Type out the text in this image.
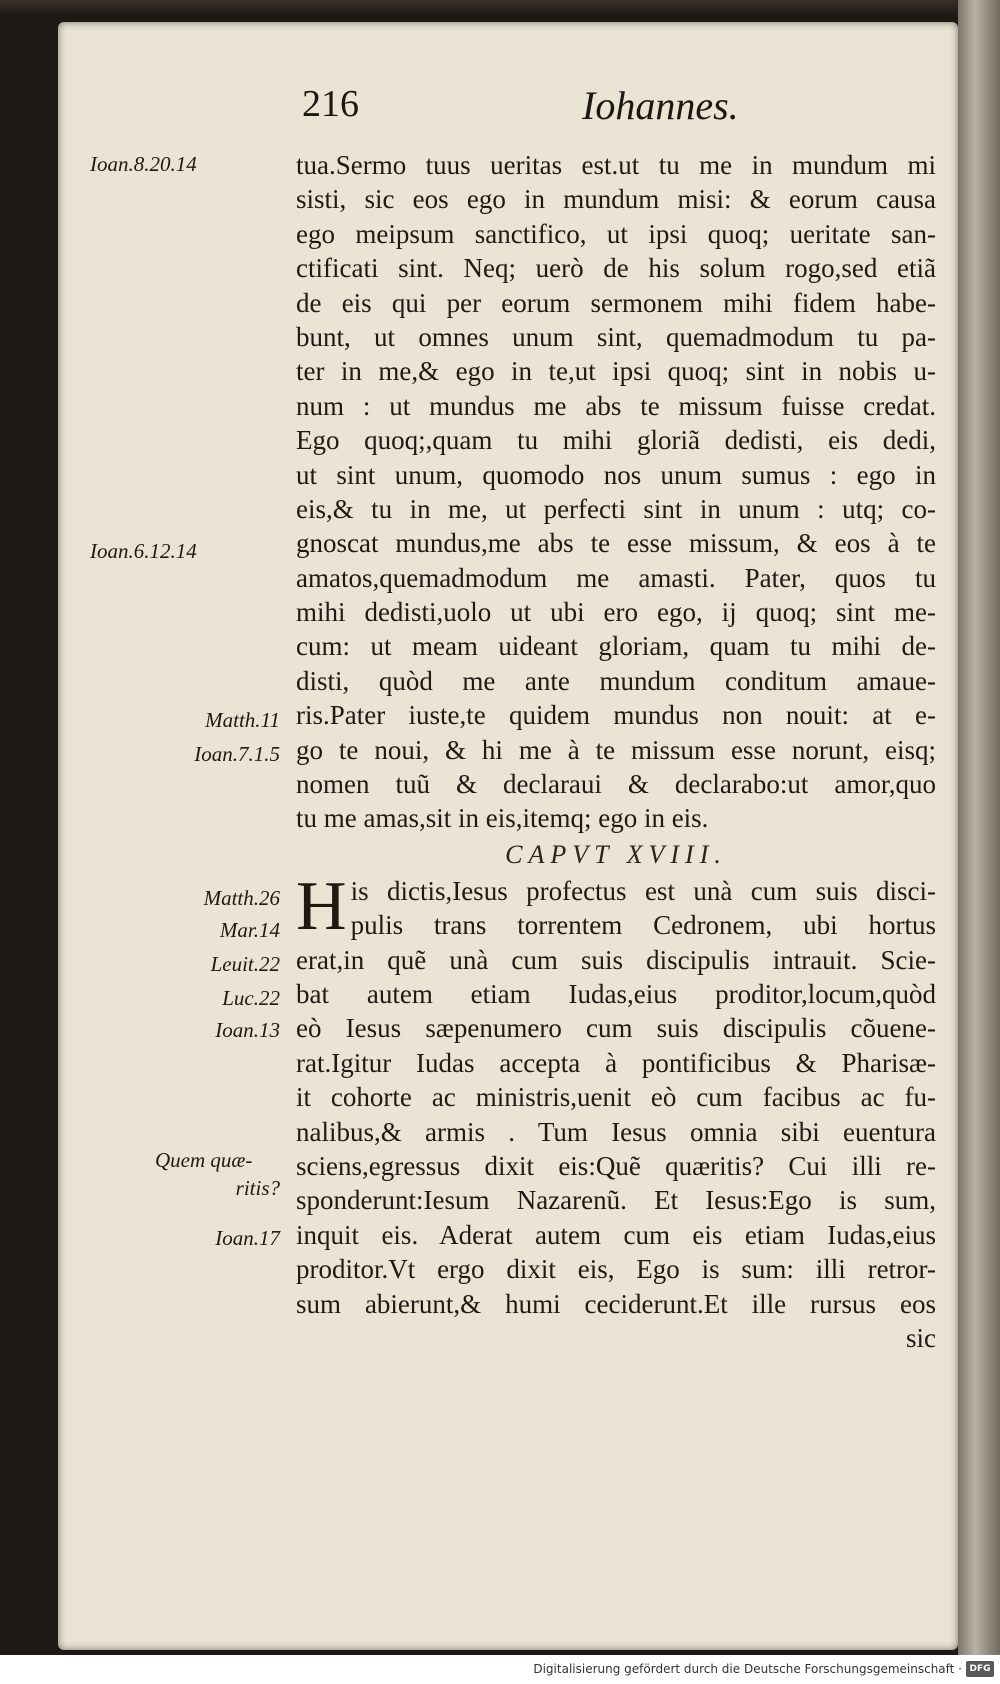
216	Iohannes.
Ioan.8.20.14
Ioan.6.12.14
Matth.11
Ioan.7.1.5
Matth.26
Mar.14
Leuit.22
Luc.22
Ioan.13
Quem quæ-
ritis?
Ioan.17
tua.Sermo tuus ueritas est.ut tu me in mundum mi
sisti, sic eos ego in mundum misi: & eorum causa
ego meipsum sanctifico, ut ipsi quoq; ueritate san-
ctificati sint. Neq; uerò de his solum rogo,sed etiã
de eis qui per eorum sermonem mihi fidem habe-
bunt, ut omnes unum sint, quemadmodum tu pa-
ter in me,& ego in te,ut ipsi quoq; sint in nobis u-
num : ut mundus me abs te missum fuisse credat.
Ego quoq;,quam tu mihi gloriã dedisti, eis dedi,
ut sint unum, quomodo nos unum sumus : ego in
eis,& tu in me, ut perfecti sint in unum : utq; co-
gnoscat mundus,me abs te esse missum, & eos à te
amatos,quemadmodum me amasti. Pater, quos tu
mihi dedisti,uolo ut ubi ero ego, ij quoq; sint me-
cum: ut meam uideant gloriam, quam tu mihi de-
disti, quòd me ante mundum conditum amaue-
ris.Pater iuste,te quidem mundus non nouit: at e-
go te noui, & hi me à te missum esse norunt, eisq;
nomen tuũ & declaraui & declarabo:ut amor,quo
tu me amas,sit in eis,itemq; ego in eis.
CAPVT XVIII.
H is dictis,Iesus profectus est unà cum suis disci-
pulis trans torrentem Cedronem, ubi hortus
erat,in quẽ unà cum suis discipulis intrauit. Scie-
bat autem etiam Iudas,eius proditor,locum,quòd
eò Iesus sæpenumero cum suis discipulis cõuene-
rat.Igitur Iudas accepta à pontificibus & Pharisæ-
it cohorte ac ministris,uenit eò cum facibus ac fu-
nalibus,& armis . Tum Iesus omnia sibi euentura
sciens,egressus dixit eis:Quẽ quæritis? Cui illi re-
sponderunt:Iesum Nazarenũ. Et Iesus:Ego is sum,
inquit eis. Aderat autem cum eis etiam Iudas,eius
proditor.Vt ergo dixit eis, Ego is sum: illi retror-
sum abierunt,& humi ceciderunt.Et ille rursus eos
sic
Digitalisierung gefördert durch die Deutsche Forschungsgemeinschaft · DFG
